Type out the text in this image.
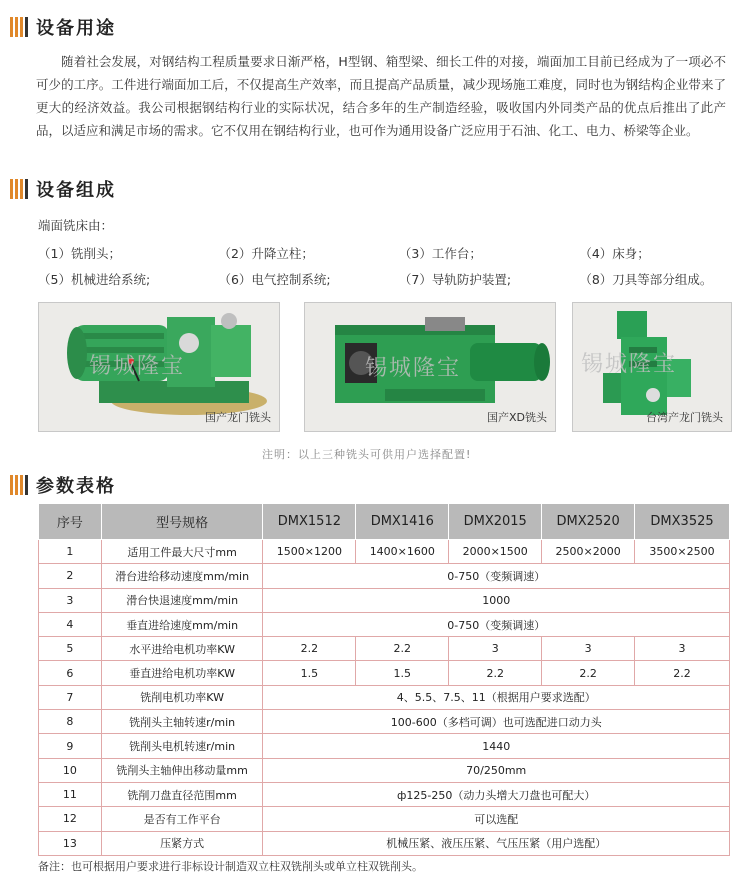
设备用途
随着社会发展，对钢结构工程质量要求日渐严格，H型钢、箱型梁、细长工件的对接，端面加工目前已经成为了一项必不可少的工序。工件进行端面加工后，不仅提高生产效率，而且提高产品质量，减少现场施工难度，同时也为钢结构企业带来了更大的经济效益。我公司根据钢结构行业的实际状况，结合多年的生产制造经验，吸收国内外同类产品的优点后推出了此产品，以适应和满足市场的需求。它不仅用在钢结构行业，也可作为通用设备广泛应用于石油、化工、电力、桥梁等企业。
设备组成
端面铣床由：
（1）铣削头；	（2）升降立柱；	（3）工作台；	（4）床身；
（5）机械进给系统;	（6）电气控制系统;	（7）导轨防护装置;	（8）刀具等部分组成。
锡城隆宝
国产龙门铣头
锡城隆宝
国产XD铣头
锡城隆宝
台湾产龙门铣头
注明：以上三种铣头可供用户选择配置!
参数表格
序号	型号规格	DMX1512	DMX1416	DMX2015	DMX2520	DMX3525
1	适用工件最大尺寸mm	1500×1200	1400×1600	2000×1500	2500×2000	3500×2500
2	滑台进给移动速度mm/min	0-750（变频调速）				
3	滑台快退速度mm/min	1000				
4	垂直进给速度mm/min	0-750（变频调速）				
5	水平进给电机功率KW	2.2	2.2	3	3	3
6	垂直进给电机功率KW	1.5	1.5	2.2	2.2	2.2
7	铣削电机功率KW	4、5.5、7.5、11（根据用户要求选配）				
8	铣削头主轴转速r/min	100-600（多档可调）也可选配进口动力头				
9	铣削头电机转速r/min	1440				
10	铣削头主轴伸出移动量mm	70/250mm				
11	铣削刀盘直径范围mm	ф125-250（动力头增大刀盘也可配大）				
12	是否有工作平台	可以选配				
13	压紧方式	机械压紧、液压压紧、气压压紧（用户选配）				
备注：也可根据用户要求进行非标设计制造双立柱双铣削头或单立柱双铣削头。
